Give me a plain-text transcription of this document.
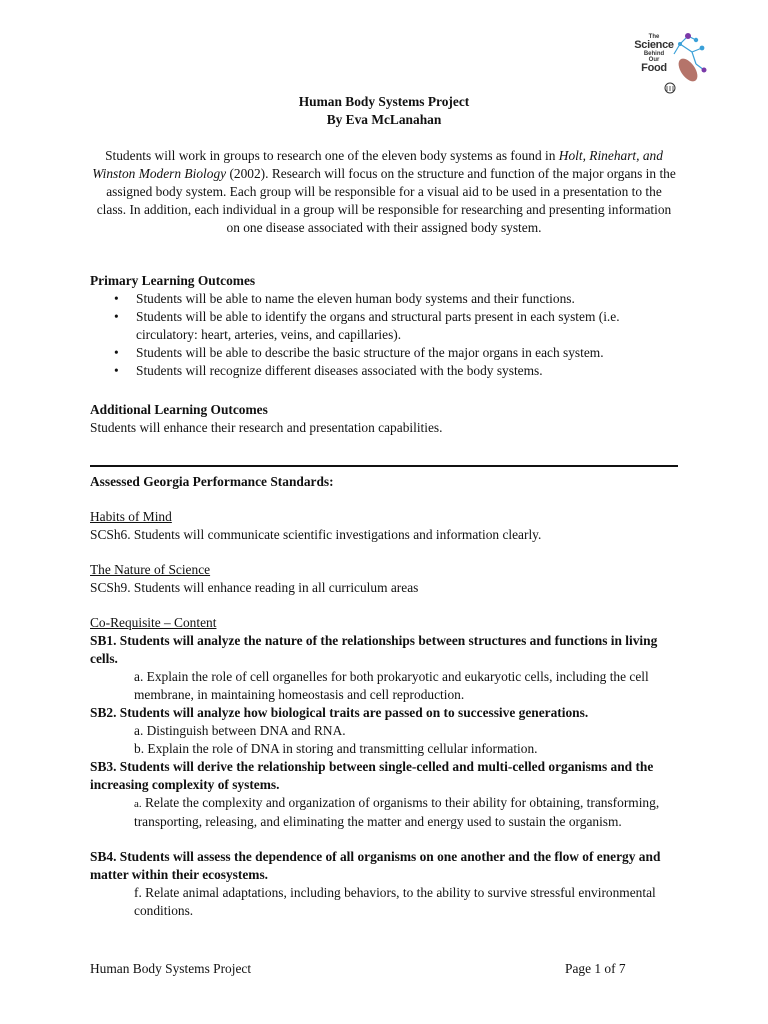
The
Science
Behind
Our
Food
Human Body Systems Project
By Eva McLanahan
Students will work in groups to research one of the eleven body systems as found in Holt, Rinehart, and Winston Modern Biology (2002). Research will focus on the structure and function of the major organs in the assigned body system. Each group will be responsible for a visual aid to be used in a presentation to the class. In addition, each individual in a group will be responsible for researching and presenting information on one disease associated with their assigned body system.
Primary Learning Outcomes
• Students will be able to name the eleven human body systems and their functions.
• Students will be able to identify the organs and structural parts present in each system (i.e. circulatory: heart, arteries, veins, and capillaries).
• Students will be able to describe the basic structure of the major organs in each system.
• Students will recognize different diseases associated with the body systems.
Additional Learning Outcomes
Students will enhance their research and presentation capabilities.
Assessed Georgia Performance Standards:
Habits of Mind
SCSh6. Students will communicate scientific investigations and information clearly.
The Nature of Science
SCSh9. Students will enhance reading in all curriculum areas
Co-Requisite – Content
SB1. Students will analyze the nature of the relationships between structures and functions in living cells.
a. Explain the role of cell organelles for both prokaryotic and eukaryotic cells, including the cell membrane, in maintaining homeostasis and cell reproduction.
SB2. Students will analyze how biological traits are passed on to successive generations.
a. Distinguish between DNA and RNA.
b. Explain the role of DNA in storing and transmitting cellular information.
SB3. Students will derive the relationship between single-celled and multi-celled organisms and the increasing complexity of systems.
a. Relate the complexity and organization of organisms to their ability for obtaining, transforming, transporting, releasing, and eliminating the matter and energy used to sustain the organism.
SB4. Students will assess the dependence of all organisms on one another and the flow of energy and matter within their ecosystems.
f. Relate animal adaptations, including behaviors, to the ability to survive stressful environmental conditions.
Human Body Systems Project	Page 1 of 7
